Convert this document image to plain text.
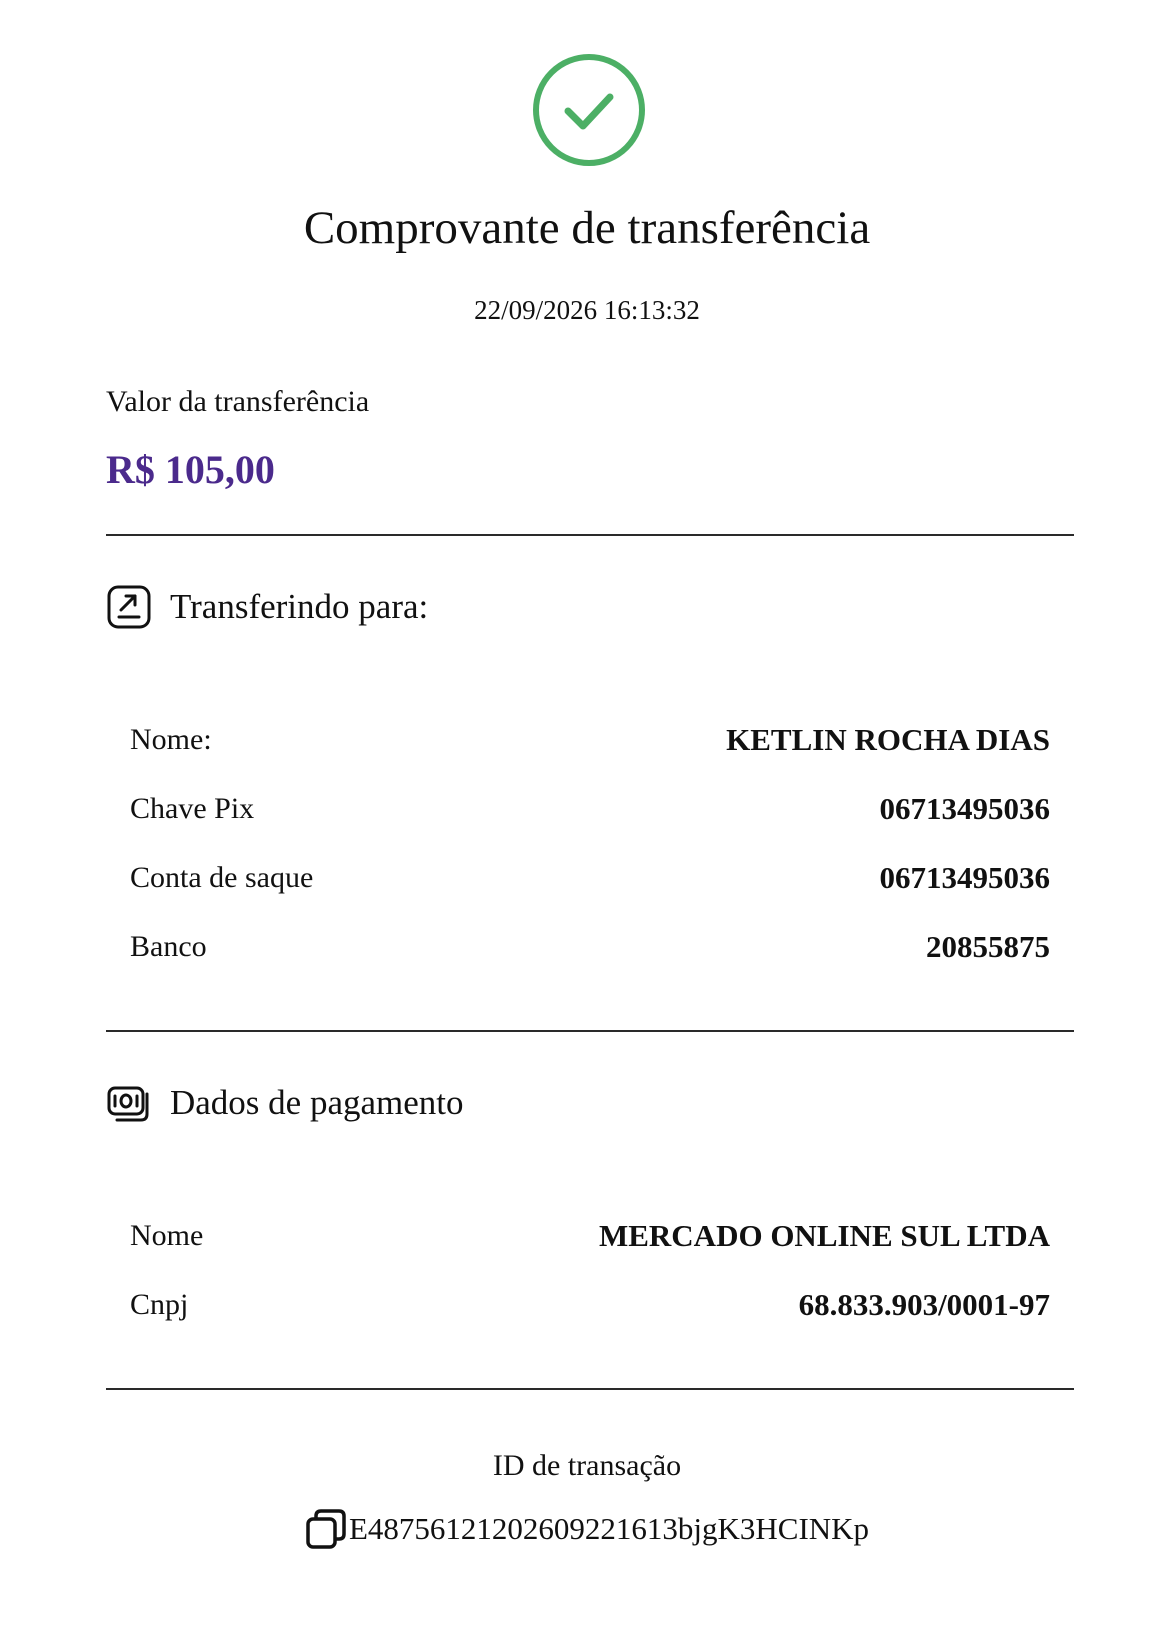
Comprovante de transferência
22/09/2026 16:13:32
Valor da transferência
R$ 105,00
Transferindo para:
Nome:	KETLIN ROCHA DIAS
Chave Pix	06713495036
Conta de saque	06713495036
Banco	20855875
Dados de pagamento
Nome	MERCADO ONLINE SUL LTDA
Cnpj	68.833.903/0001-97
ID de transação
E48756121202609221613bjgK3HCINKp
